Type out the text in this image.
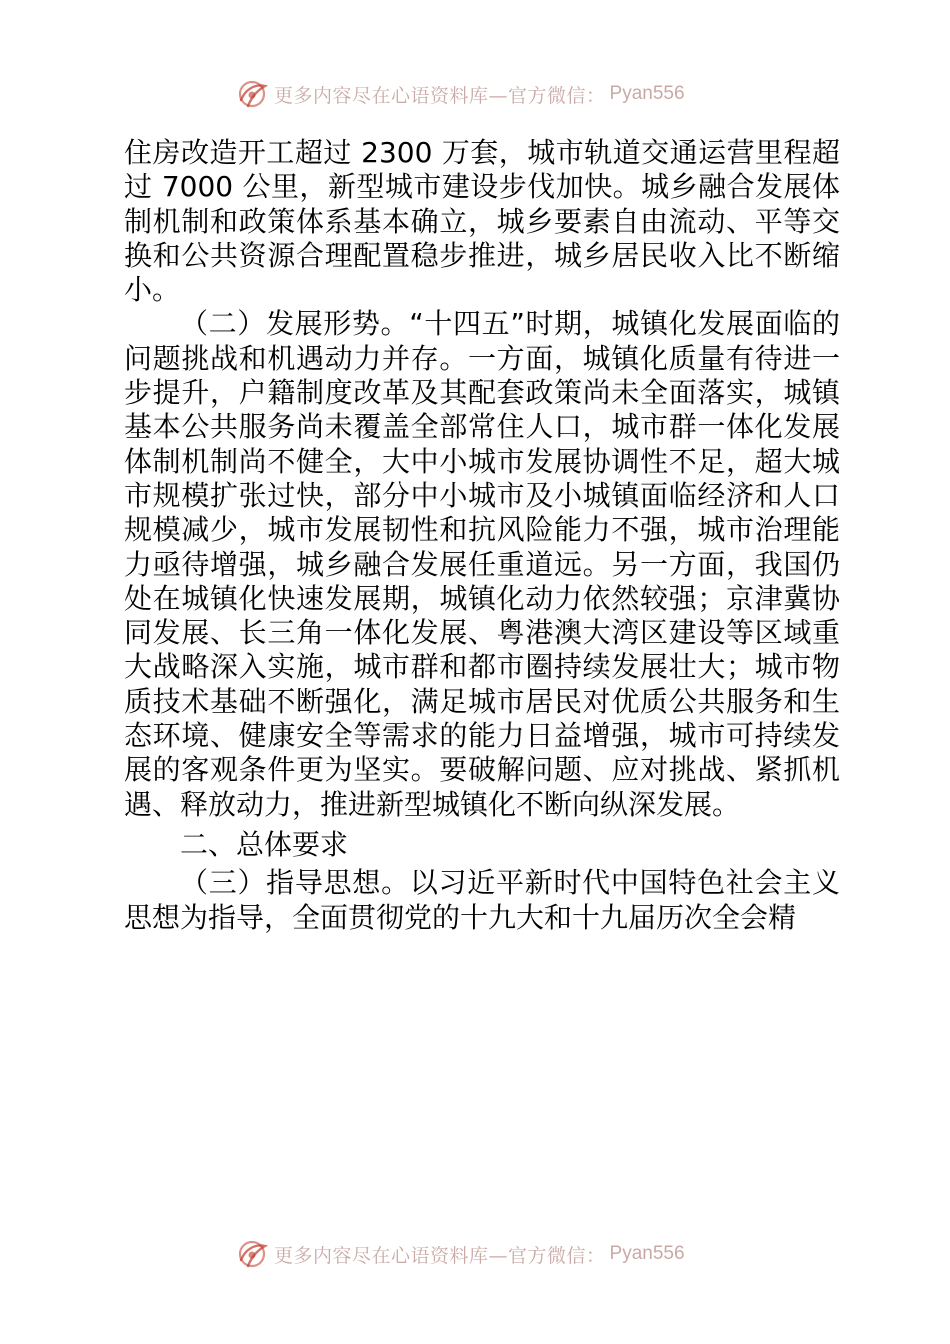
更多内容尽在心语资料库—官方微信： Pyan556

住房改造开工超过 2300 万套，城市轨道交通运营里程超过 7000 公里，新型城市建设步伐加快。城乡融合发展体制机制和政策体系基本确立，城乡要素自由流动、平等交换和公共资源合理配置稳步推进，城乡居民收入比不断缩小。

（二）发展形势。“十四五”时期，城镇化发展面临的问题挑战和机遇动力并存。一方面，城镇化质量有待进一步提升，户籍制度改革及其配套政策尚未全面落实，城镇基本公共服务尚未覆盖全部常住人口，城市群一体化发展体制机制尚不健全，大中小城市发展协调性不足，超大城市规模扩张过快，部分中小城市及小城镇面临经济和人口规模减少，城市发展韧性和抗风险能力不强，城市治理能力亟待增强，城乡融合发展任重道远。另一方面，我国仍处在城镇化快速发展期，城镇化动力依然较强；京津冀协同发展、长三角一体化发展、粤港澳大湾区建设等区域重大战略深入实施，城市群和都市圈持续发展壮大；城市物质技术基础不断强化，满足城市居民对优质公共服务和生态环境、健康安全等需求的能力日益增强，城市可持续发展的客观条件更为坚实。要破解问题、应对挑战、紧抓机遇、释放动力，推进新型城镇化不断向纵深发展。

二、总体要求

（三）指导思想。以习近平新时代中国特色社会主义思想为指导，全面贯彻党的十九大和十九届历次全会精

更多内容尽在心语资料库—官方微信： Pyan556
